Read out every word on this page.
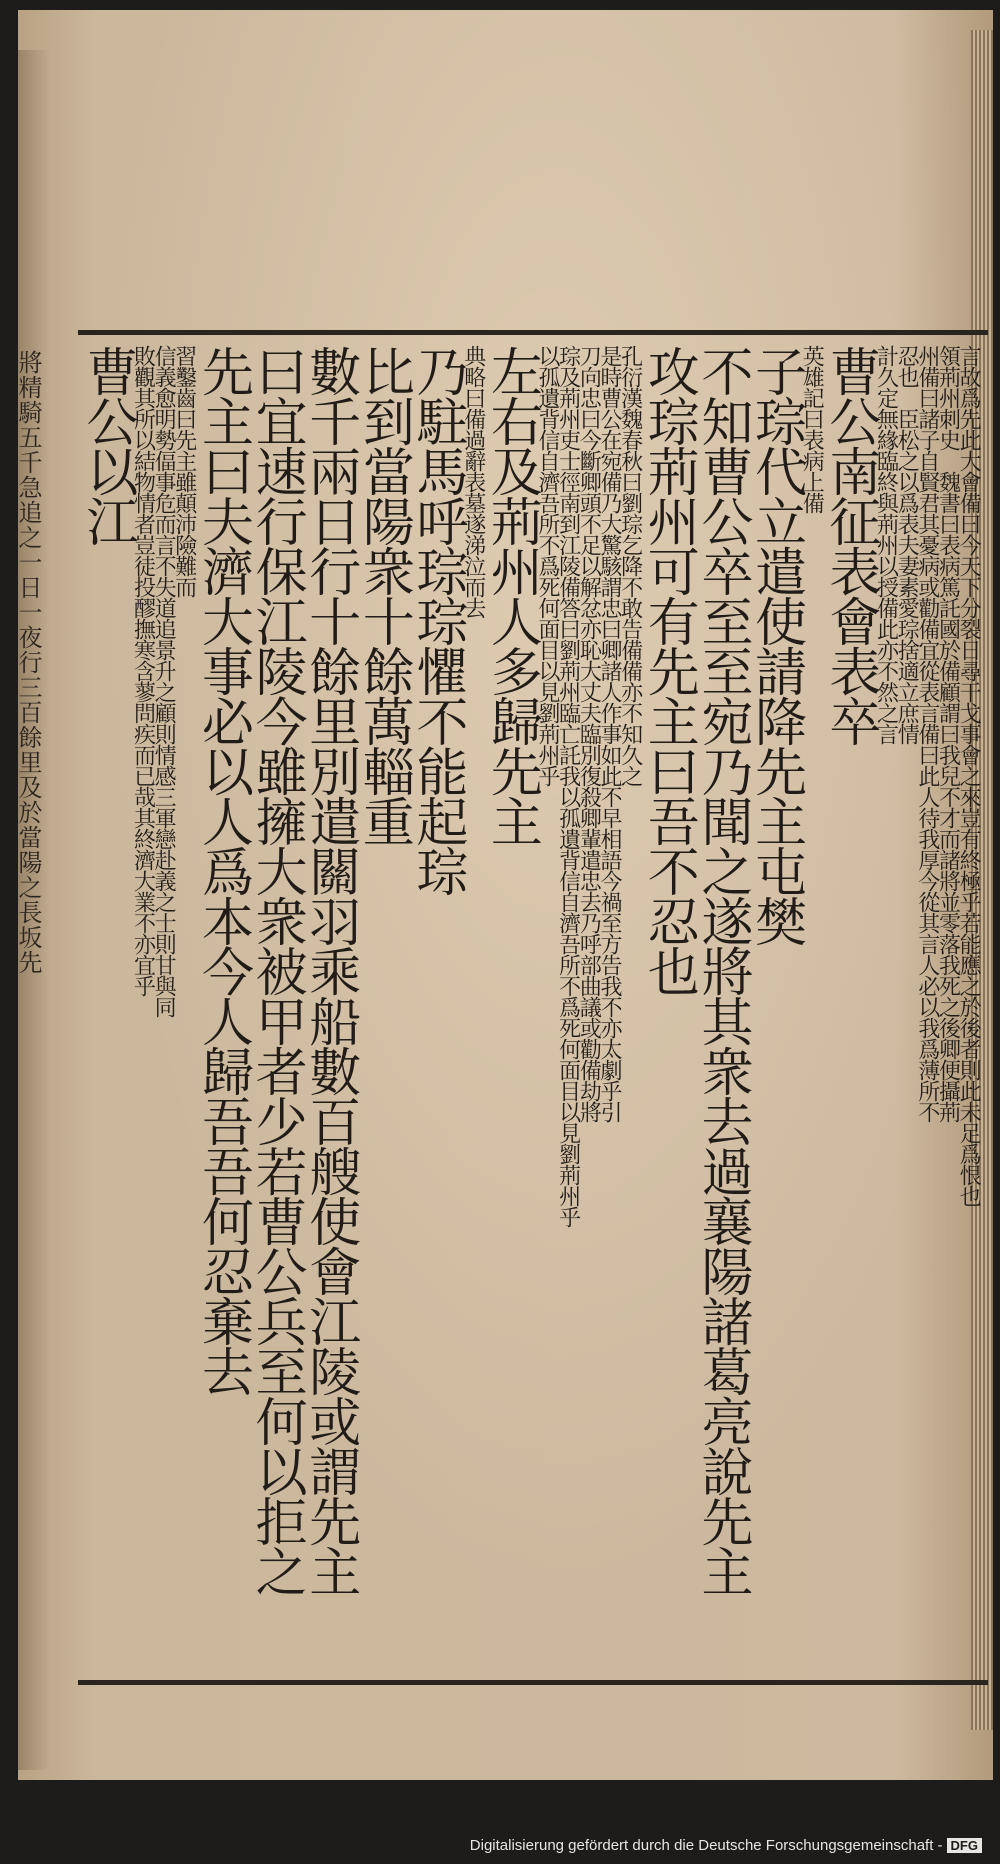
將精騎五千急追之一日一夜行三百餘里及於當陽之長坂先	言故爲先此大會備曰今天下分裂日尋干戈事會之來豈有終極乎若能應之於後者則此未足爲恨也
領荊州刺史　魏書曰表病篤託國於備顧謂曰我兒不才而諸將並零落我死之後卿便攝荊
州備曰諸子自賢君其憂病或勸備宜從表言備曰此人待我厚今從其言人必以我爲薄所不
忍也　臣松之以爲表夫妻素愛琮捨適立庶情
計久定無緣臨終與荊州以授備此亦不然之言
曹公南征表會表卒
英雄記曰表病上備
子琮代立遣使請降先主屯樊
不知曹公卒至至宛乃聞之遂將其衆去過襄陽諸葛亮說先主
攻琮荊州可有先主曰吾不忍也
孔衍漢魏春秋曰劉琮乞降不敢告備備亦不知久之
是時曹公在宛備乃大驚駭謂忠曰卿諸人作事如此不早相語今禍至方告我不亦太劇乎引
刀向忠曰今斷卿頭不足以解忿亦恥大丈夫臨別復殺卿輩遣忠去乃呼部曲議或勸備劫將
琮及荊州吏士徑南到江陵備答曰劉荊州臨亡託我以孤遺背信自濟吾所不爲死何面目以見劉荊州乎
以孤遺背信自濟吾所不爲死何面目以見劉荊州乎
左右及荊州人多歸先主
典略曰備過辭表墓遂涕泣而去
乃駐馬呼琮琮懼不能起琮
比到當陽衆十餘萬輜重
數千兩日行十餘里別遣關羽乘船數百艘使會江陵或謂先主
曰宜速行保江陵今雖擁大衆被甲者少若曹公兵至何以拒之
先主曰夫濟大事必以人爲本今人歸吾吾何忍棄去
習鑿齒曰先主雖顛沛險難而
信義愈明勢偪事危而言不失道追景升之顧則情感三軍戀赴義之士則甘與同
敗觀其所以結物情者豈徒投醪撫寒含蓼問疾而已哉其終濟大業不亦宜乎
曹公以江
Digitalisierung gefördert durch die Deutsche Forschungsgemeinschaft - DFG
